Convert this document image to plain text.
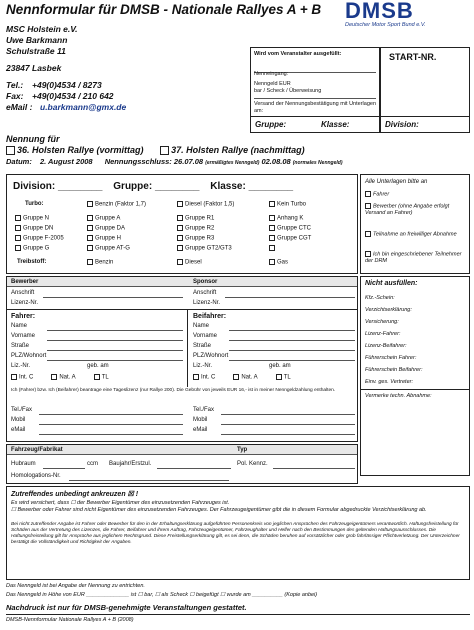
Nennformular für DMSB - Nationale Rallyes A + B DMSB
Deutscher Motor Sport Bund e.V.
MSC Holstein e.V.
Uwe Barkmann
Schulstraße 11
23847 Lasbek
Tel.: +49(0)4534 / 8273
Fax: +49(0)4534 / 210 642
eMail : u.barkmann@gmx.de
Wird vom Veranstalter ausgefüllt:
Nenneingang:
Nenngeld EUR
bar / Scheck / Überweisung
Versand der Nennungsbestätigung mit Unterlagen am:
Gruppe:	Klasse:
START-NR.
Division:
Nennung für
36. Holsten Rallye (vormittag)	37. Holsten Rallye (nachmittag)
Datum: 2. August 2008 Nennungsschluss: 26.07.08 (ermäßigtes Nenngeld) 02.08.08 (normales Nenngeld)
Division: ________ Gruppe: ________ Klasse: ________
Turbo:	Benzin (Faktor 1,7)	Diesel (Faktor 1,5)	Kein Turbo
Gruppe N	Gruppe A	Gruppe R1	Anhang K
Gruppe DN	Gruppe DA	Gruppe R2	Gruppe CTC
Gruppe F-2005	Gruppe H	Gruppe R3	Gruppe CGT
Gruppe G	Gruppe AT-G	Gruppe GT2/GT3
Treibstoff:	Benzin	Diesel	Gas
Alle Unterlagen bitte an
Fahrer
Bewerber (ohne Angabe erfolgt Versand an Fahrer)
Teilnahme an freiwilliger Abnahme
Ich bin eingeschriebener Teilnehmer der DRM
Bewerber	Sponsor
Anschrift	Anschrift
Lizenz-Nr.	Lizenz-Nr.
Fahrer:	Beifahrer:
Name
Vorname
Straße
PLZ/Wohnort
Liz.-Nr.	geb. am
Int. C	Nat. A	TL
Name
Vorname
Straße
PLZ/Wohnort
Liz.-Nr.	geb. am
Int. C	Nat. A	TL
Ich (Fahrer) bzw. Ich (Beifahrer) beantrage eine Tageslizenz (nur Rallye 200). Die Gebühr von jeweils EUR 16,- ist in meiner Nenngeldzahlung enthalten.
Tel./Fax
Mobil
eMail
Tel./Fax
Mobil
eMail
Nicht ausfüllen:
Kfz.-Schein:
Verzichtserklärung:
Versicherung:
Lizenz-Fahrer:
Lizenz-Beifahrer:
Führerschein Fahrer:
Führerschein Beifahrer:
Einv. ges. Vertreter:
Vermerke techn. Abnahme:
Fahrzeug/Fabrikat	Typ
Hubraum	ccm Baujahr/Erstzul.	Pol. Kennz.
Homologations-Nr.
Zutreffendes unbedingt ankreuzen ☒ !
Es wird versichert, dass ☐ der Bewerber Eigentümer des einzusetzenden Fahrzeuges ist.
☐ Bewerber oder Fahrer sind nicht Eigentümer des einzusetzenden Fahrzeuges. Der Fahrzeugeigentümer gibt die in diesem Formular abgedruckte Verzichtserklärung ab.
Bei nicht zutreffender Angabe ist Fahrer oder Bewerber für den in der Erhaltungserklärung aufgeführten Personenkreis von jeglichen Ansprüchen des Fahrzeugeigentümers verantwortlich. Haftungsfreistellung für Schäden aus der Vertretung des Lizenzes, die Fahrer, Beifahrer und ihrem Auftrag, Fahrzeugeigentümer, Fahrzeughalter und Helfer nach den Bestimmungen des geltenden Haftungsausschlusses. Die Haftungsfreistellung gilt für Ansprüche aus jeglichem Rechtsgrund. Diese Freistellungserklärung gilt, es sei denn, die Schäden beruhen auf vorsätzlicher oder grob fahrlässiger Pflichtverletzung. Der Unterzeichner bestätigt die Vollständigkeit und Richtigkeit der Angaben.
Das Nenngeld ist bei Angabe der Nennung zu entrichten.
Das Nenngeld in Höhe von EUR ______________ ist ☐ bar, ☐ als Scheck ☐ beigefügt ☐ wurde am __________ (Kopie anbei)
Nachdruck ist nur für DMSB-genehmigte Veranstaltungen gestattet.
DMSB-Nennformular Nationale Rallyes A + B (2008)
